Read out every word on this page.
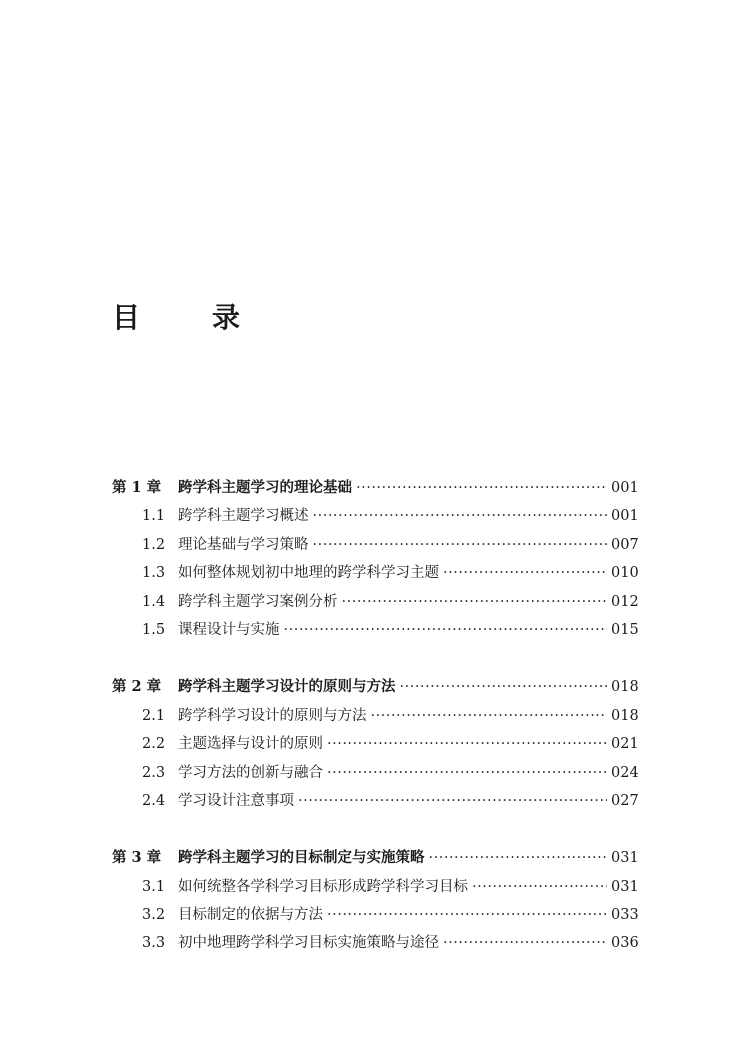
目　录
第 1 章	跨学科主题学习的理论基础 ·····	001
1.1 跨学科主题学习概述 ·····	001
1.2 理论基础与学习策略 ·····	007
1.3 如何整体规划初中地理的跨学科学习主题 ·····	010
1.4 跨学科主题学习案例分析 ·····	012
1.5 课程设计与实施 ·····	015
第 2 章	跨学科主题学习设计的原则与方法 ·····	018
2.1 跨学科学习设计的原则与方法 ·····	018
2.2 主题选择与设计的原则 ·····	021
2.3 学习方法的创新与融合 ·····	024
2.4 学习设计注意事项 ·····	027
第 3 章	跨学科主题学习的目标制定与实施策略 ·····	031
3.1 如何统整各学科学习目标形成跨学科学习目标 ·····	031
3.2 目标制定的依据与方法 ·····	033
3.3 初中地理跨学科学习目标实施策略与途径 ·····	036
